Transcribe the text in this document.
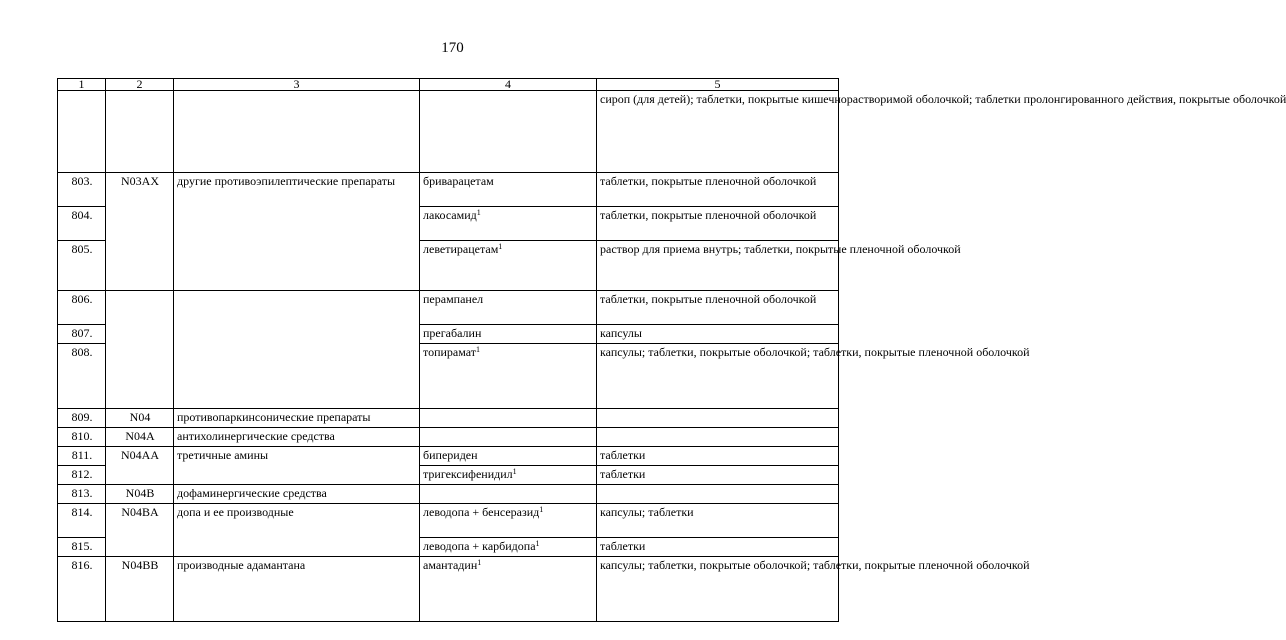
170
1	2	3	4	5
				сироп (для детей); таблетки, покрытые кишечнорастворимой оболочкой; таблетки пролонгированного действия, покрытые оболочкой
803.	N03AX	другие противоэпилептические препараты	бриварацетам	таблетки, покрытые пленочной оболочкой
804.			лакосамид$^1$	таблетки, покрытые пленочной оболочкой
805.			леветирацетам$^1$	раствор для приема внутрь; таблетки, покрытые пленочной оболочкой
806.			перампанел	таблетки, покрытые пленочной оболочкой
807.			прегабалин	капсулы
808.			топирамат$^1$	капсулы; таблетки, покрытые оболочкой; таблетки, покрытые пленочной оболочкой
809.	N04	противопаркинсонические препараты		
810.	N04A	антихолинергические средства		
811.	N04AA	третичные амины	бипериден	таблетки
812.			тригексифенидил$^1$	таблетки
813.	N04B	дофаминергические средства		
814.	N04BA	допа и ее производные	леводопа + бенсеразид$^1$	капсулы; таблетки
815.			леводопа + карбидопа$^1$	таблетки
816.	N04BB	производные адамантана	амантадин$^1$	капсулы; таблетки, покрытые оболочкой; таблетки, покрытые пленочной оболочкой
